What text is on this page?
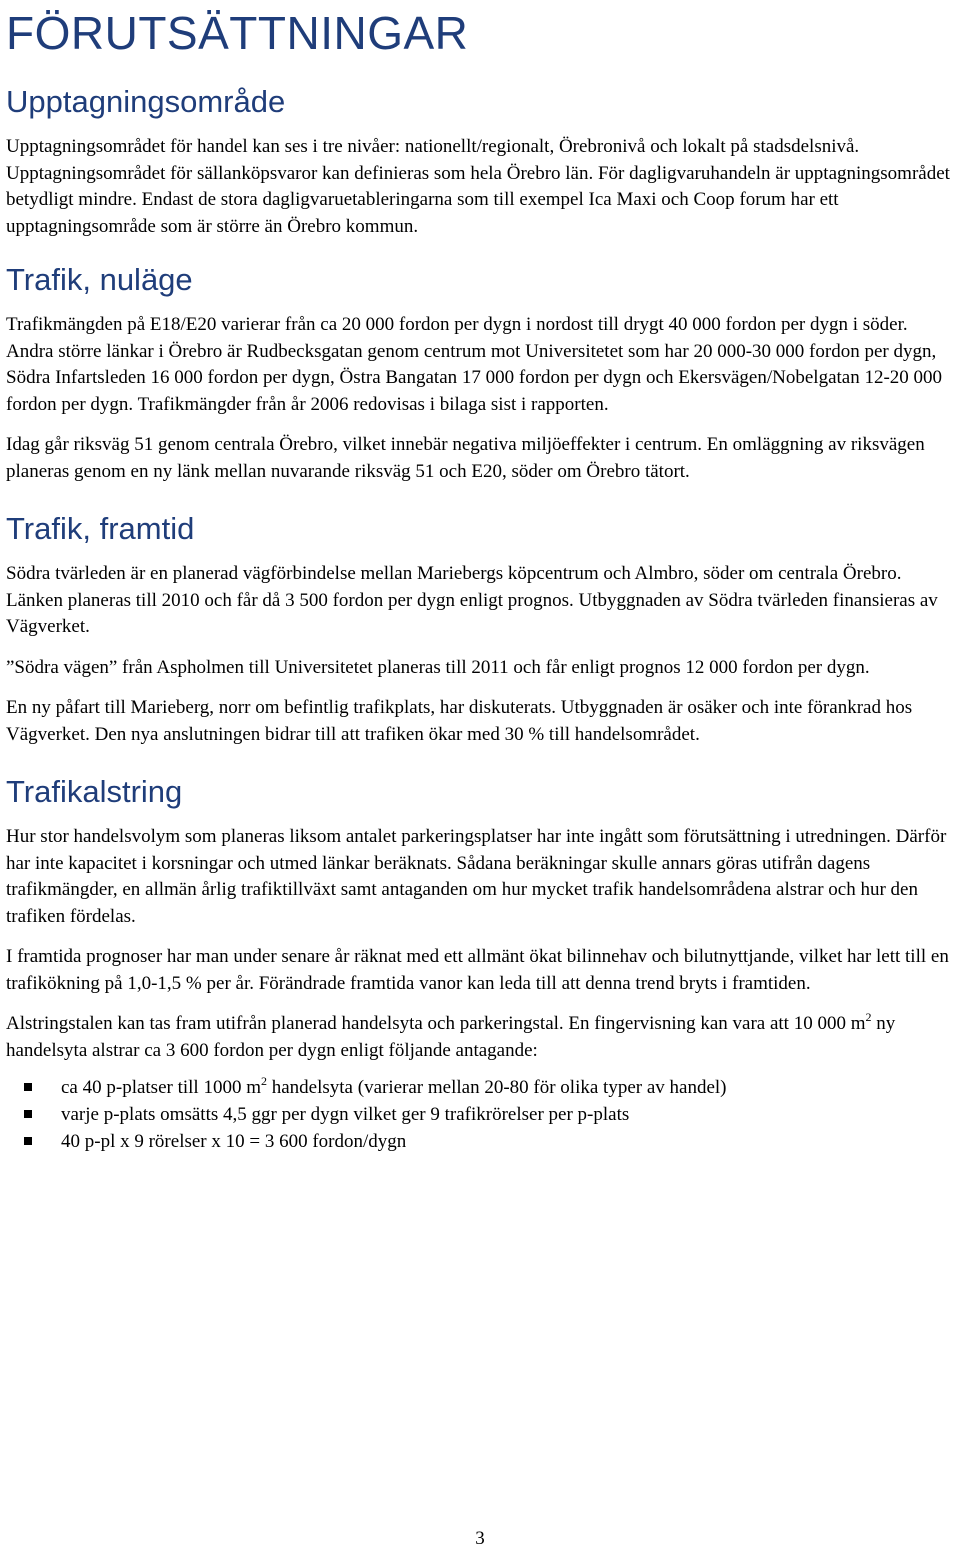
FÖRUTSÄTTNINGAR
Upptagningsområde

Upptagningsområdet för handel kan ses i tre nivåer: nationellt/regionalt, Örebronivå och lokalt på stadsdelsnivå. Upptagningsområdet för sällanköpsvaror kan definieras som hela Örebro län. För dagligvaruhandeln är upptagningsområdet betydligt mindre. Endast de stora dagligvaruetableringarna som till exempel Ica Maxi och Coop forum har ett upptagningsområde som är större än Örebro kommun.

Trafik, nuläge

Trafikmängden på E18/E20 varierar från ca 20 000 fordon per dygn i nordost till drygt 40 000 fordon per dygn i söder. Andra större länkar i Örebro är Rudbecksgatan genom centrum mot Universitetet som har 20 000-30 000 fordon per dygn, Södra Infartsleden 16 000 fordon per dygn, Östra Bangatan 17 000 fordon per dygn och Ekersvägen/Nobelgatan 12-20 000 fordon per dygn. Trafikmängder från år 2006 redovisas i bilaga sist i rapporten.

Idag går riksväg 51 genom centrala Örebro, vilket innebär negativa miljöeffekter i centrum. En omläggning av riksvägen planeras genom en ny länk mellan nuvarande riksväg 51 och E20, söder om Örebro tätort.

Trafik, framtid

Södra tvärleden är en planerad vägförbindelse mellan Mariebergs köpcentrum och Almbro, söder om centrala Örebro. Länken planeras till 2010 och får då 3 500 fordon per dygn enligt prognos. Utbyggnaden av Södra tvärleden finansieras av Vägverket.

”Södra vägen” från Aspholmen till Universitetet planeras till 2011 och får enligt prognos 12 000 fordon per dygn.

En ny påfart till Marieberg, norr om befintlig trafikplats, har diskuterats. Utbyggnaden är osäker och inte förankrad hos Vägverket. Den nya anslutningen bidrar till att trafiken ökar med 30 % till handelsområdet.

Trafikalstring

Hur stor handelsvolym som planeras liksom antalet parkeringsplatser har inte ingått som förutsättning i utredningen. Därför har inte kapacitet i korsningar och utmed länkar beräknats. Sådana beräkningar skulle annars göras utifrån dagens trafikmängder, en allmän årlig trafiktillväxt samt antaganden om hur mycket trafik handelsområdena alstrar och hur den trafiken fördelas.

I framtida prognoser har man under senare år räknat med ett allmänt ökat bilinnehav och bilutnyttjande, vilket har lett till en trafikökning på 1,0-1,5 % per år. Förändrade framtida vanor kan leda till att denna trend bryts i framtiden.

Alstringstalen kan tas fram utifrån planerad handelsyta och parkeringstal. En fingervisning kan vara att 10 000 $m^2$ ny handelsyta alstrar ca 3 600 fordon per dygn enligt följande antagande:

ca 40 p-platser till 1000 $m^2$ handelsyta (varierar mellan 20-80 för olika typer av handel)
varje p-plats omsätts 4,5 ggr per dygn vilket ger 9 trafikrörelser per p-plats
40 p-pl x 9 rörelser x 10 = 3 600 fordon/dygn
3
